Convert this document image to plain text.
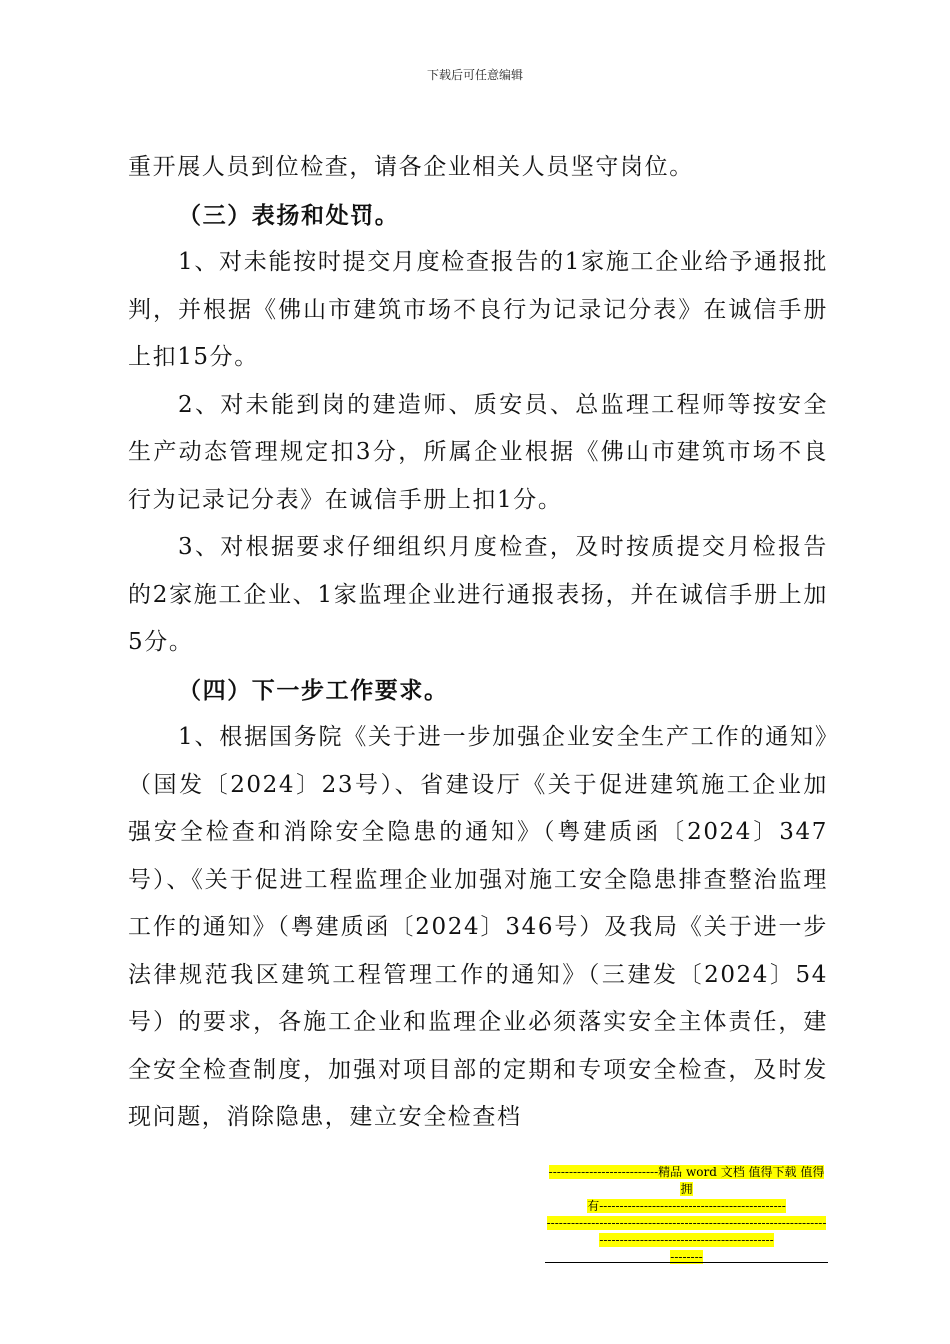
下载后可任意编辑

重开展人员到位检查，请各企业相关人员坚守岗位。

（三）表扬和处罚。

1、对未能按时提交月度检查报告的1家施工企业给予通报批判，并根据《佛山市建筑市场不良行为记录记分表》在诚信手册上扣15分。

2、对未能到岗的建造师、质安员、总监理工程师等按安全生产动态管理规定扣3分，所属企业根据《佛山市建筑市场不良行为记录记分表》在诚信手册上扣1分。

3、对根据要求仔细组织月度检查，及时按质提交月检报告的2家施工企业、1家监理企业进行通报表扬，并在诚信手册上加5分。

（四）下一步工作要求。

1、根据国务院《关于进一步加强企业安全生产工作的通知》（国发〔2024〕23号）、省建设厅《关于促进建筑施工企业加强安全检查和消除安全隐患的通知》（粤建质函〔2024〕347号）、《关于促进工程监理企业加强对施工安全隐患排查整治监理工作的通知》（粤建质函〔2024〕346号）及我局《关于进一步法律规范我区建筑工程管理工作的通知》（三建发〔2024〕54号）的要求，各施工企业和监理企业必须落实安全主体责任，建全安全检查制度，加强对项目部的定期和专项安全检查，及时发现问题，消除隐患，建立安全检查档

---------------------------精品 word 文档 值得下载 值得拥
有----------------------------------------------
----------------------------------------------------------------------------------------------------------------
--------
